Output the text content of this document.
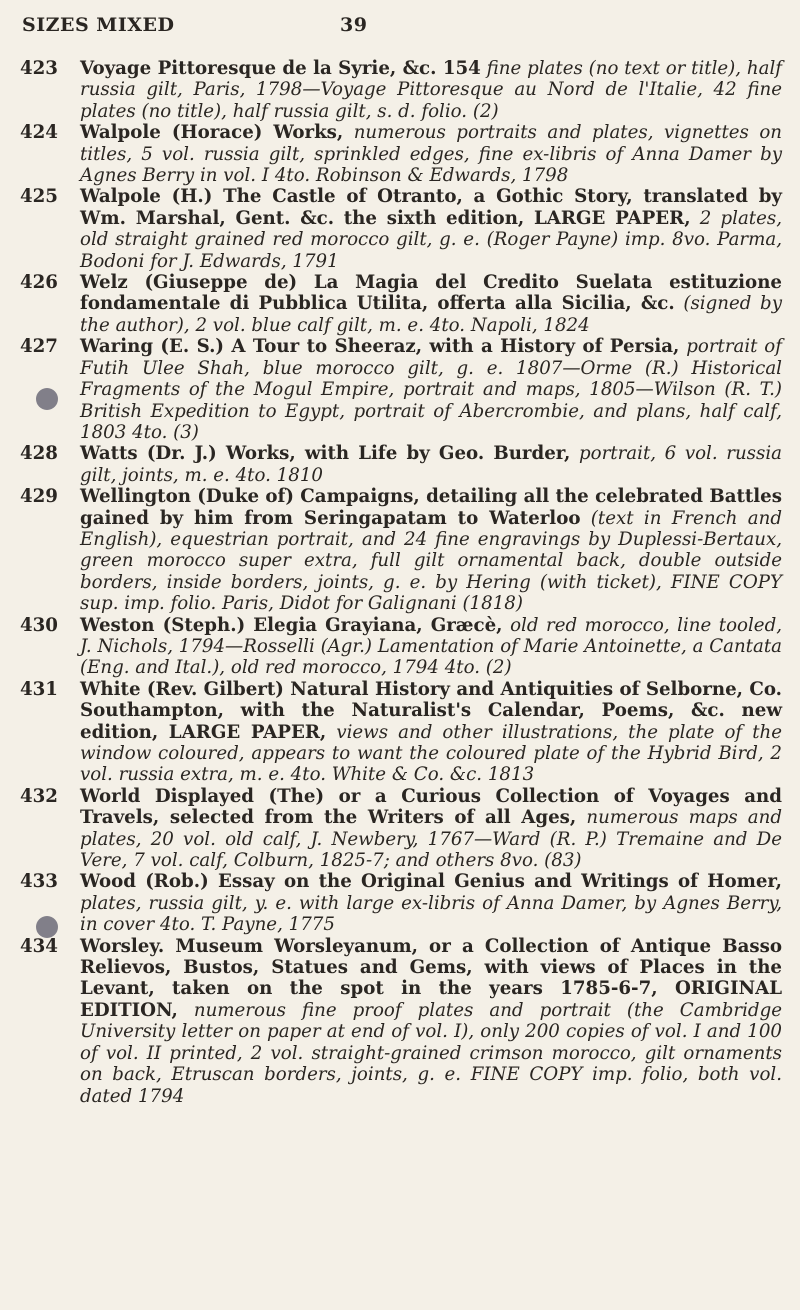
SIZES MIXED	39
423	Voyage Pittoresque de la Syrie, &c. 154 fine plates (no text or title), half russia gilt, Paris, 1798—Voyage Pittoresque au Nord de l'Italie, 42 fine plates (no title), half russia gilt, s. d. folio. (2)
424	Walpole (Horace) Works, numerous portraits and plates, vignettes on titles, 5 vol. russia gilt, sprinkled edges, fine ex-libris of Anna Damer by Agnes Berry in vol. I 4to. Robinson & Edwards, 1798
425	Walpole (H.) The Castle of Otranto, a Gothic Story, translated by Wm. Marshal, Gent. &c. the sixth edition, LARGE PAPER, 2 plates, old straight grained red morocco gilt, g. e. (Roger Payne) imp. 8vo. Parma, Bodoni for J. Edwards, 1791
426	Welz (Giuseppe de) La Magia del Credito Suelata estituzione fondamentale di Pubblica Utilita, offerta alla Sicilia, &c. (signed by the author), 2 vol. blue calf gilt, m. e. 4to. Napoli, 1824
427	Waring (E. S.) A Tour to Sheeraz, with a History of Persia, portrait of Futih Ulee Shah, blue morocco gilt, g. e. 1807—Orme (R.) Historical Fragments of the Mogul Empire, portrait and maps, 1805—Wilson (R. T.) British Expedition to Egypt, portrait of Abercrombie, and plans, half calf, 1803 4to. (3)
428	Watts (Dr. J.) Works, with Life by Geo. Burder, portrait, 6 vol. russia gilt, joints, m. e. 4to. 1810
429	Wellington (Duke of) Campaigns, detailing all the celebrated Battles gained by him from Seringapatam to Waterloo (text in French and English), equestrian portrait, and 24 fine engravings by Duplessi-Bertaux, green morocco super extra, full gilt ornamental back, double outside borders, inside borders, joints, g. e. by Hering (with ticket), FINE COPY sup. imp. folio. Paris, Didot for Galignani (1818)
430	Weston (Steph.) Elegia Grayiana, Græcè, old red morocco, line tooled, J. Nichols, 1794—Rosselli (Agr.) Lamentation of Marie Antoinette, a Cantata (Eng. and Ital.), old red morocco, 1794 4to. (2)
431	White (Rev. Gilbert) Natural History and Antiquities of Selborne, Co. Southampton, with the Naturalist's Calendar, Poems, &c. new edition, LARGE PAPER, views and other illustrations, the plate of the window coloured, appears to want the coloured plate of the Hybrid Bird, 2 vol. russia extra, m. e. 4to. White & Co. &c. 1813
432	World Displayed (The) or a Curious Collection of Voyages and Travels, selected from the Writers of all Ages, numerous maps and plates, 20 vol. old calf, J. Newbery, 1767—Ward (R. P.) Tremaine and De Vere, 7 vol. calf, Colburn, 1825-7; and others 8vo. (83)
433	Wood (Rob.) Essay on the Original Genius and Writings of Homer, plates, russia gilt, y. e. with large ex-libris of Anna Damer, by Agnes Berry, in cover 4to. T. Payne, 1775
434	Worsley. Museum Worsleyanum, or a Collection of Antique Basso Relievos, Bustos, Statues and Gems, with views of Places in the Levant, taken on the spot in the years 1785-6-7, ORIGINAL EDITION, numerous fine proof plates and portrait (the Cambridge University letter on paper at end of vol. I), only 200 copies of vol. I and 100 of vol. II printed, 2 vol. straight-grained crimson morocco, gilt ornaments on back, Etruscan borders, joints, g. e. FINE COPY imp. folio, both vol. dated 1794
